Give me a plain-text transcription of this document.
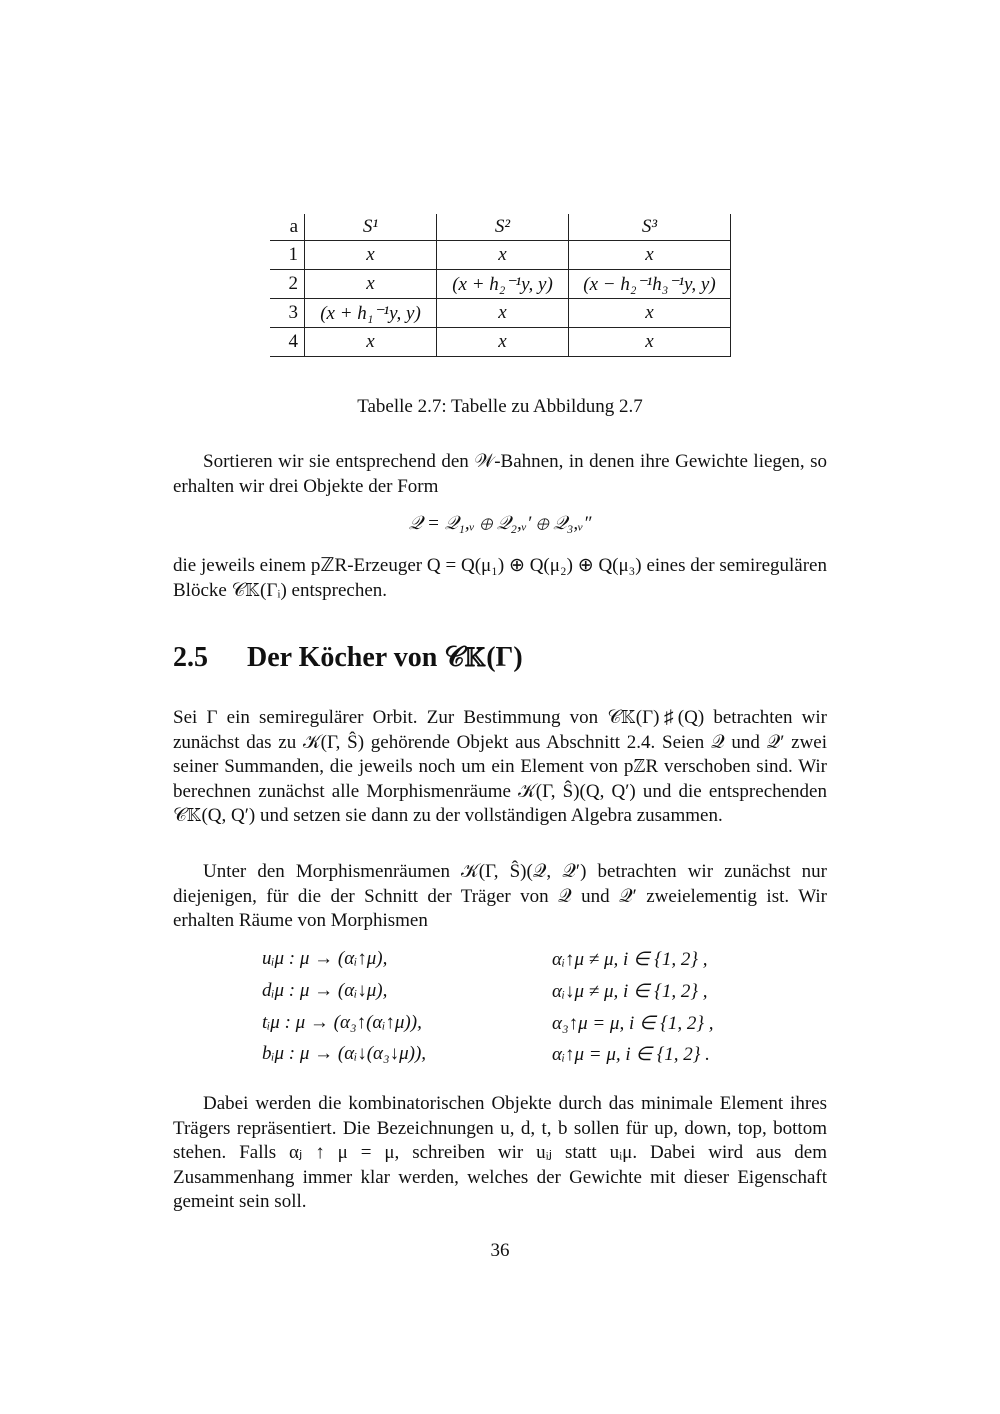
a	S¹	S²	S³
1	x	x	x
2	x	(x + h₂⁻¹y, y)	(x − h₂⁻¹h₃⁻¹y, y)
3	(x + h₁⁻¹y, y)	x	x
4	x	x	x
Tabelle 2.7: Tabelle zu Abbildung 2.7

Sortieren wir sie entsprechend den 𝒲-Bahnen, in denen ihre Gewichte liegen, so erhalten wir drei Objekte der Form

𝒬 = 𝒬₁,ᵥ ⊕ 𝒬₂,ᵥ′ ⊕ 𝒬₃,ᵥ″

die jeweils einem pℤR-Erzeuger Q = Q(μ₁) ⊕ Q(μ₂) ⊕ Q(μ₃) eines der semiregulären Blöcke 𝒞𝕂(Γᵢ) entsprechen.

2.5 Der Köcher von 𝒞𝕂(Γ)

Sei Γ ein semiregulärer Orbit. Zur Bestimmung von 𝒞𝕂(Γ)♯(Q) betrachten wir zunächst das zu 𝒦(Γ, Ŝ) gehörende Objekt aus Abschnitt 2.4. Seien 𝒬 und 𝒬′ zwei seiner Summanden, die jeweils noch um ein Element von pℤR verschoben sind. Wir berechnen zunächst alle Morphismenräume 𝒦(Γ, Ŝ)(Q, Q′) und die entsprechenden 𝒞𝕂(Q, Q′) und setzen sie dann zu der vollständigen Algebra zusammen.

Unter den Morphismenräumen 𝒦(Γ, Ŝ)(𝒬, 𝒬′) betrachten wir zunächst nur diejenigen, für die der Schnitt der Träger von 𝒬 und 𝒬′ zweielementig ist. Wir erhalten Räume von Morphismen

uᵢμ : μ → (αᵢ↑μ),	αᵢ↑μ ≠ μ, i ∈ {1, 2} ,
dᵢμ : μ → (αᵢ↓μ),	αᵢ↓μ ≠ μ, i ∈ {1, 2} ,
tᵢμ : μ → (α₃↑(αᵢ↑μ)),	α₃↑μ = μ, i ∈ {1, 2} ,
bᵢμ : μ → (αᵢ↓(α₃↓μ)),	αᵢ↑μ = μ, i ∈ {1, 2} .

Dabei werden die kombinatorischen Objekte durch das minimale Element ihres Trägers repräsentiert. Die Bezeichnungen u, d, t, b sollen für up, down, top, bottom stehen. Falls αⱼ ↑ μ = μ, schreiben wir uᵢⱼ statt uᵢμ. Dabei wird aus dem Zusammenhang immer klar werden, welches der Gewichte mit dieser Eigenschaft gemeint sein soll.

36
